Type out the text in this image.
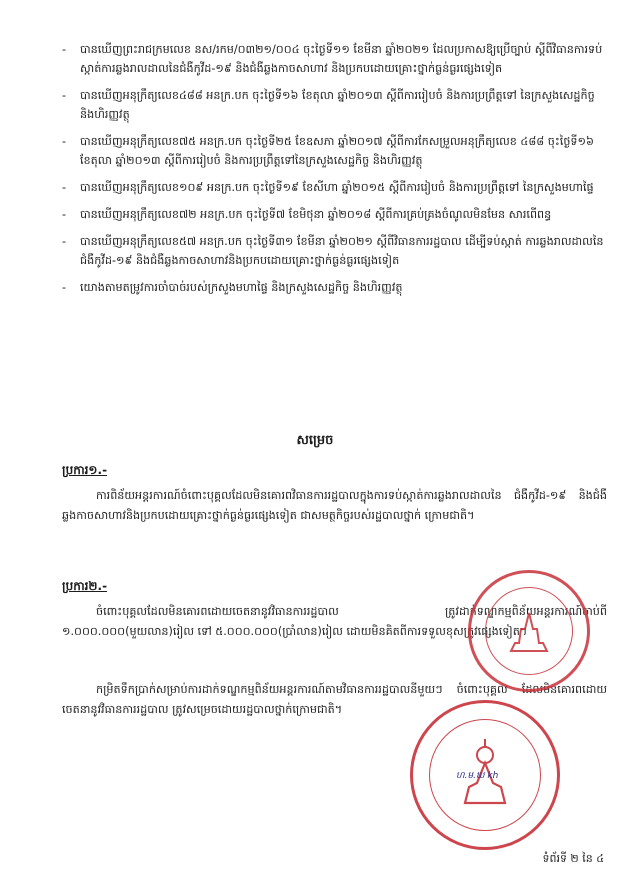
- បានឃើញព្រះរាជក្រមលេខ នស/រកម/០៣២១/០០៤ ចុះថ្ងៃទី១១ ខែមីនា ឆ្នាំ២០២១ ដែលប្រកាសឱ្យប្រើច្បាប់ ស្ដីពីវិធានការទប់ស្កាត់ការឆ្លងរាលដាលនៃជំងឺកូវីដ-១៩ និងជំងឺឆ្លងកាចសាហាវ និងប្រកបដោយគ្រោះថ្នាក់ធ្ងន់ធ្ងរផ្សេងទៀត
- បានឃើញអនុក្រឹត្យលេខ៤៨៨ អនក្រ.បក ចុះថ្ងៃទី១៦ ខែតុលា ឆ្នាំ២០១៣ ស្ដីពីការរៀបចំ និងការប្រព្រឹត្តទៅ នៃក្រសួងសេដ្ឋកិច្ច និងហិរញ្ញវត្ថុ
- បានឃើញអនុក្រឹត្យលេខ៧៥ អនក្រ.បក ចុះថ្ងៃទី២៥ ខែឧសភា ឆ្នាំ២០១៧ ស្ដីពីការកែសម្រួលអនុក្រឹត្យលេខ ៤៨៨ ចុះថ្ងៃទី១៦ ខែតុលា ឆ្នាំ២០១៣ ស្ដីពីការរៀបចំ និងការប្រព្រឹត្តទៅនៃក្រសួងសេដ្ឋកិច្ច និងហិរញ្ញវត្ថុ
- បានឃើញអនុក្រឹត្យលេខ១០៩ អនក្រ.បក ចុះថ្ងៃទី១៩ ខែសីហា ឆ្នាំ២០១៥ ស្ដីពីការរៀបចំ និងការប្រព្រឹត្តទៅ នៃក្រសួងមហាផ្ទៃ
- បានឃើញអនុក្រឹត្យលេខ៧២ អនក្រ.បក ចុះថ្ងៃទី៧ ខែមិថុនា ឆ្នាំ២០១៨ ស្ដីពីការគ្រប់គ្រងចំណូលមិនមែន សារពើពន្ធ
- បានឃើញអនុក្រឹត្យលេខ៥៧ អនក្រ.បក ចុះថ្ងៃទី៣១ ខែមីនា ឆ្នាំ២០២១ ស្ដីពីវិធានការរដ្ឋបាល ដើម្បីទប់ស្កាត់ ការឆ្លងរាលដាលនៃជំងឺកូវីដ-១៩ និងជំងឺឆ្លងកាចសាហាវនិងប្រកបដោយគ្រោះថ្នាក់ធ្ងន់ធ្ងរផ្សេងទៀត
- យោងតាមតម្រូវការចាំបាច់របស់ក្រសួងមហាផ្ទៃ និងក្រសួងសេដ្ឋកិច្ច និងហិរញ្ញវត្ថុ
សម្រេច
ប្រការ១.-
ការពិន័យអន្តរការណ៍ចំពោះបុគ្គលដែលមិនគោរពវិធានការរដ្ឋបាលក្នុងការទប់ស្កាត់ការឆ្លងរាលដាលនៃ ជំងឺកូវីដ-១៩ និងជំងឺឆ្លងកាចសាហាវនិងប្រកបដោយគ្រោះថ្នាក់ធ្ងន់ធ្ងរផ្សេងទៀត ជាសមត្ថកិច្ចរបស់រដ្ឋបាលថ្នាក់ ក្រោមជាតិ។
ប្រការ២.-
ចំពោះបុគ្គលដែលមិនគោរពដោយចេតនានូវវិធានការរដ្ឋបាល ត្រូវដាក់ទណ្ឌកម្មពិន័យអន្តរការណ៍ចាប់ពី ១.០០០.០០០(មួយលាន)រៀល ទៅ ៥.០០០.០០០(ប្រាំលាន)រៀល ដោយមិនគិតពីការទទួលខុសត្រូវផ្សេងទៀត។
កម្រិតទឹកប្រាក់សម្រាប់ការដាក់ទណ្ឌកម្មពិន័យអន្តរការណ៍តាមវិធានការរដ្ឋបាលនីមួយៗ ចំពោះបុគ្គល ដែលមិនគោរពដោយចេតនានូវវិធានការរដ្ឋបាល ត្រូវសម្រេចដោយរដ្ឋបាលថ្នាក់ក្រោមជាតិ។
ហ.ម.ឃ kh
ទំព័រទី ២ នៃ ៤
